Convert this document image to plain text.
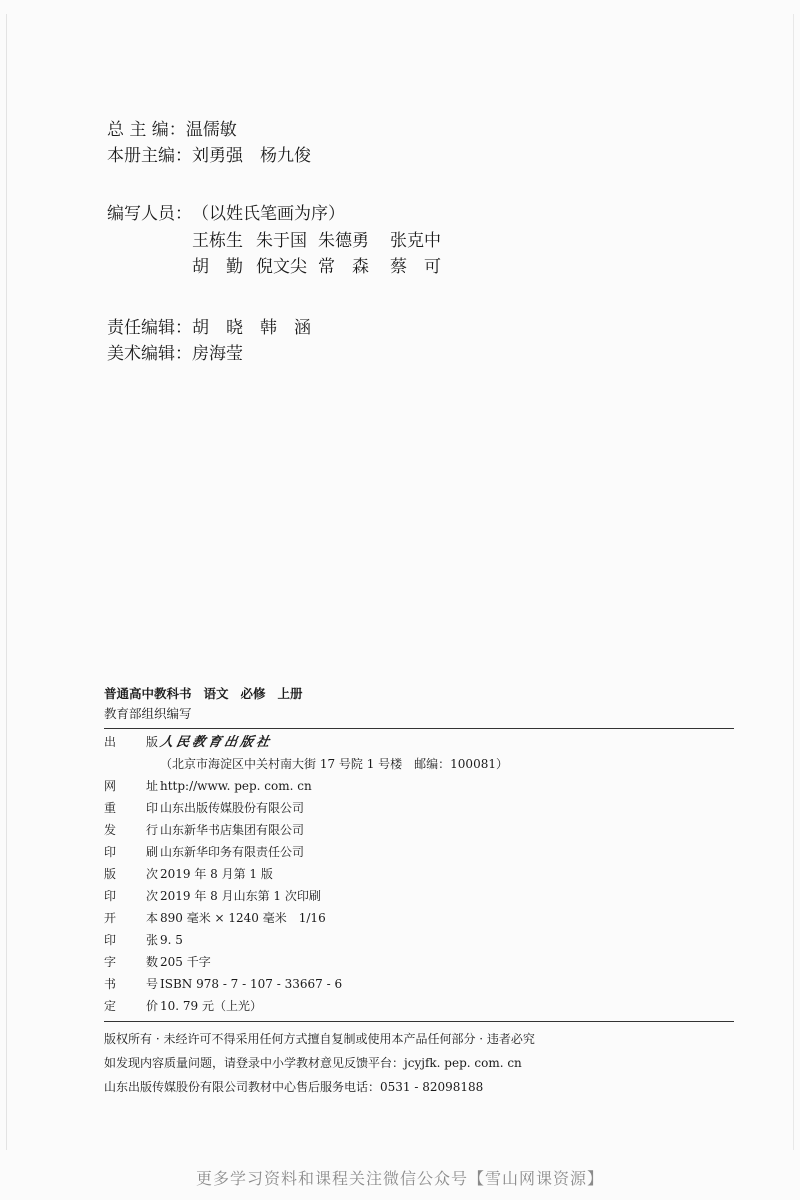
总 主 编：温儒敏
本册主编：刘勇强　杨九俊
编写人员：（以姓氏笔画为序）
责任编辑：胡　晓　韩　涵
美术编辑：房海莹
王栋生 朱于国 朱德勇 张克中
胡　勤 倪文尖 常　森 蔡　可
普通高中教科书 语文 必修 上册
教育部组织编写
出 版人民教育出版社
（北京市海淀区中关村南大街 17 号院 1 号楼　邮编：100081）
网 址 http://www. pep. com. cn
重 印 山东出版传媒股份有限公司
发 行 山东新华书店集团有限公司
印 刷 山东新华印务有限责任公司
版 次 2019 年 8 月第 1 版
印 次 2019 年 8 月山东第 1 次印刷
开 本 890 毫米 × 1240 毫米　1/16
印 张 9. 5
字 数 205 千字
书 号 ISBN 978 - 7 - 107 - 33667 - 6
定 价 10. 79 元（上光）
版权所有 · 未经许可不得采用任何方式擅自复制或使用本产品任何部分 · 违者必究
如发现内容质量问题，请登录中小学教材意见反馈平台：jcyjfk. pep. com. cn
山东出版传媒股份有限公司教材中心售后服务电话：0531 - 82098188
更多学习资料和课程关注微信公众号【雪山网课资源】
